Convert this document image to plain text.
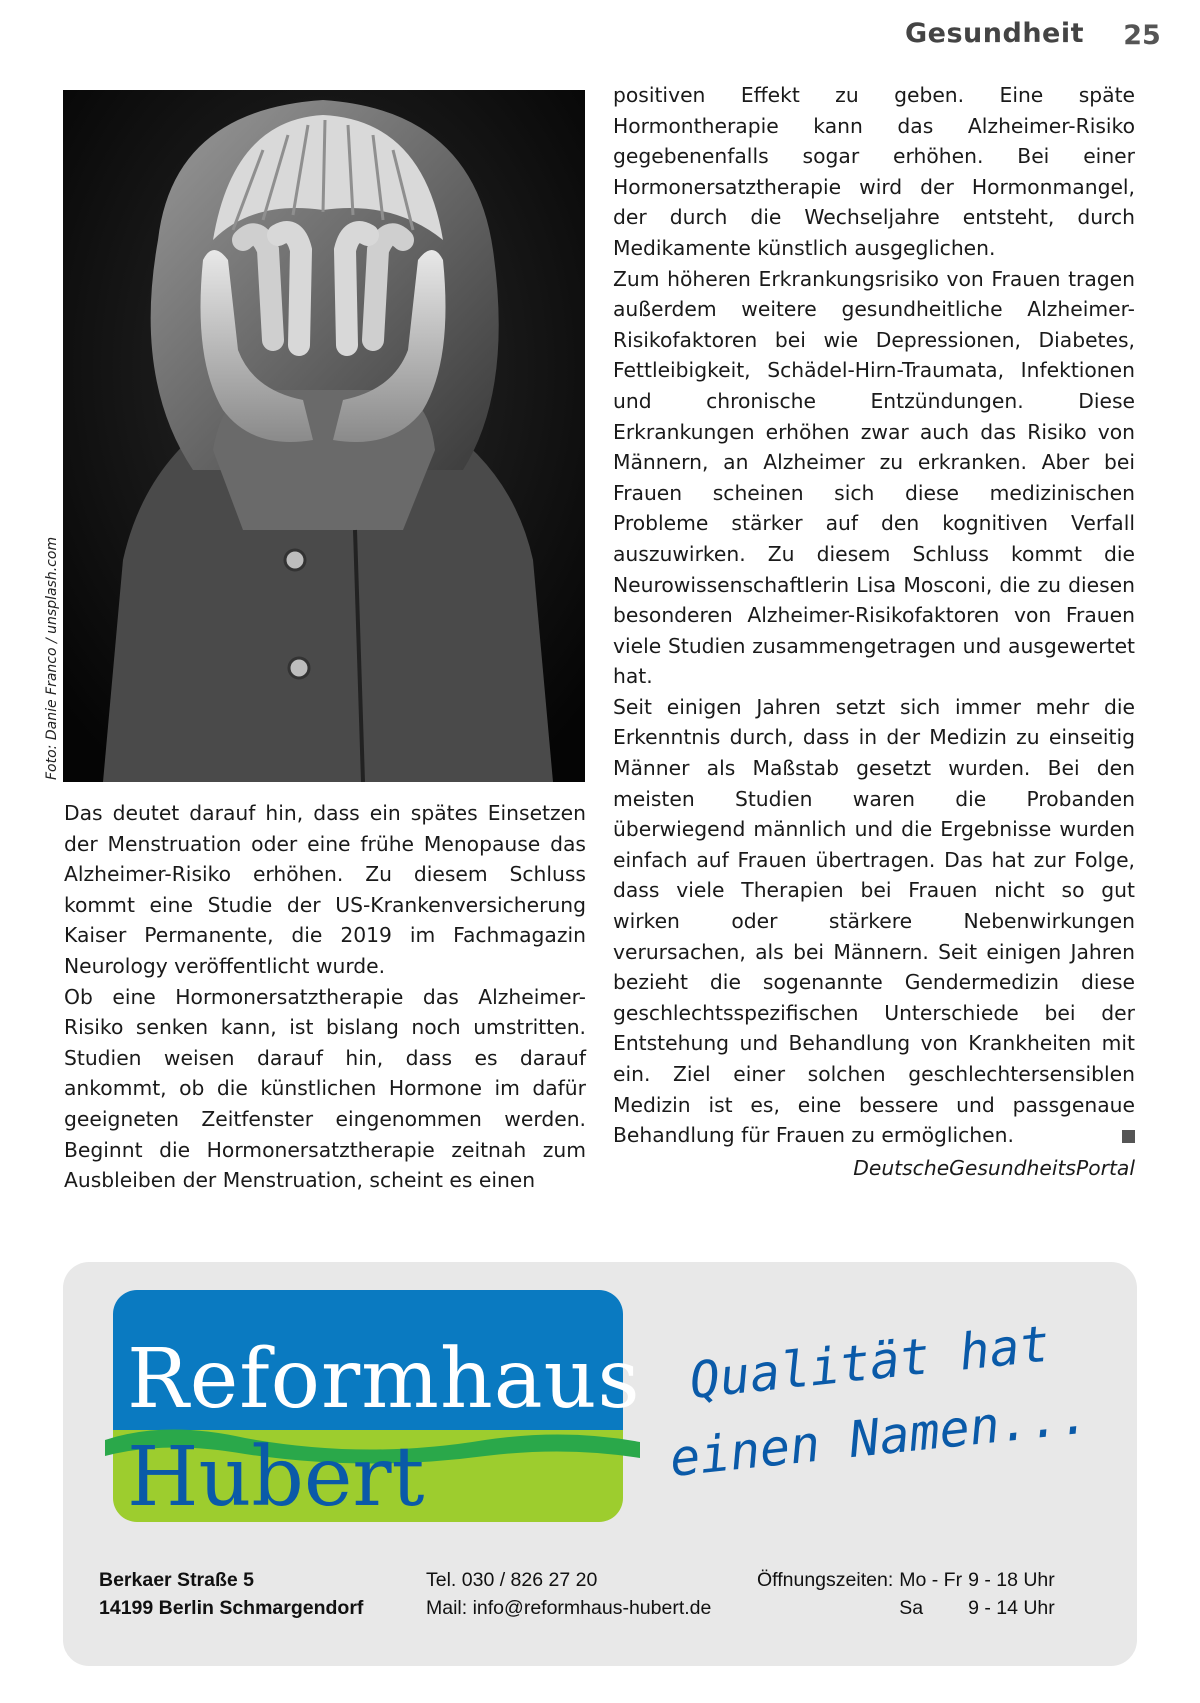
Gesundheit	25
Foto: Danie Franco / unsplash.com

Das deutet darauf hin, dass ein spätes Einsetzen der Menstruation oder eine frühe Menopause das Alzheimer-Risiko erhöhen. Zu diesem Schluss kommt eine Studie der US-Krankenversicherung Kaiser Permanente, die 2019 im Fachmagazin Neurology veröffentlicht wurde.

Ob eine Hormonersatztherapie das Alzheimer-Risiko senken kann, ist bislang noch umstritten. Studien weisen darauf hin, dass es darauf ankommt, ob die künstlichen Hormone im dafür geeigneten Zeitfenster eingenommen werden. Beginnt die Hormonersatztherapie zeitnah zum Ausbleiben der Menstruation, scheint es einen

positiven Effekt zu geben. Eine späte Hormontherapie kann das Alzheimer-Risiko gegebenenfalls sogar erhöhen. Bei einer Hormonersatztherapie wird der Hormonmangel, der durch die Wechseljahre entsteht, durch Medikamente künstlich ausgeglichen.

Zum höheren Erkrankungsrisiko von Frauen tragen außerdem weitere gesundheitliche Alzheimer-Risikofaktoren bei wie Depressionen, Diabetes, Fettleibigkeit, Schädel-Hirn-Traumata, Infektionen und chronische Entzündungen. Diese Erkrankungen erhöhen zwar auch das Risiko von Männern, an Alzheimer zu erkranken. Aber bei Frauen scheinen sich diese medizinischen Probleme stärker auf den kognitiven Verfall auszuwirken. Zu diesem Schluss kommt die Neurowissenschaftlerin Lisa Mosconi, die zu diesen besonderen Alzheimer-Risikofaktoren von Frauen viele Studien zusammengetragen und ausgewertet hat.

Seit einigen Jahren setzt sich immer mehr die Erkenntnis durch, dass in der Medizin zu einseitig Männer als Maßstab gesetzt wurden. Bei den meisten Studien waren die Probanden überwiegend männlich und die Ergebnisse wurden einfach auf Frauen übertragen. Das hat zur Folge, dass viele Therapien bei Frauen nicht so gut wirken oder stärkere Nebenwirkungen verursachen, als bei Männern. Seit einigen Jahren bezieht die sogenannte Gendermedizin diese geschlechtsspezifischen Unterschiede bei der Entstehung und Behandlung von Krankheiten mit ein. Ziel einer solchen geschlechtersensiblen Medizin ist es, eine bessere und passgenaue Behandlung für Frauen zu ermöglichen.

DeutscheGesundheitsPortal

Reformhaus
Hubert
Qualität hat
einen Namen...
Berkaer Straße 5
14199 Berlin Schmargendorf
Tel. 030 / 826 27 20
Mail: info@reformhaus-hubert.de
Öffnungszeiten:	Mo - Fr	9 - 18 Uhr
	Sa	9 - 14 Uhr
